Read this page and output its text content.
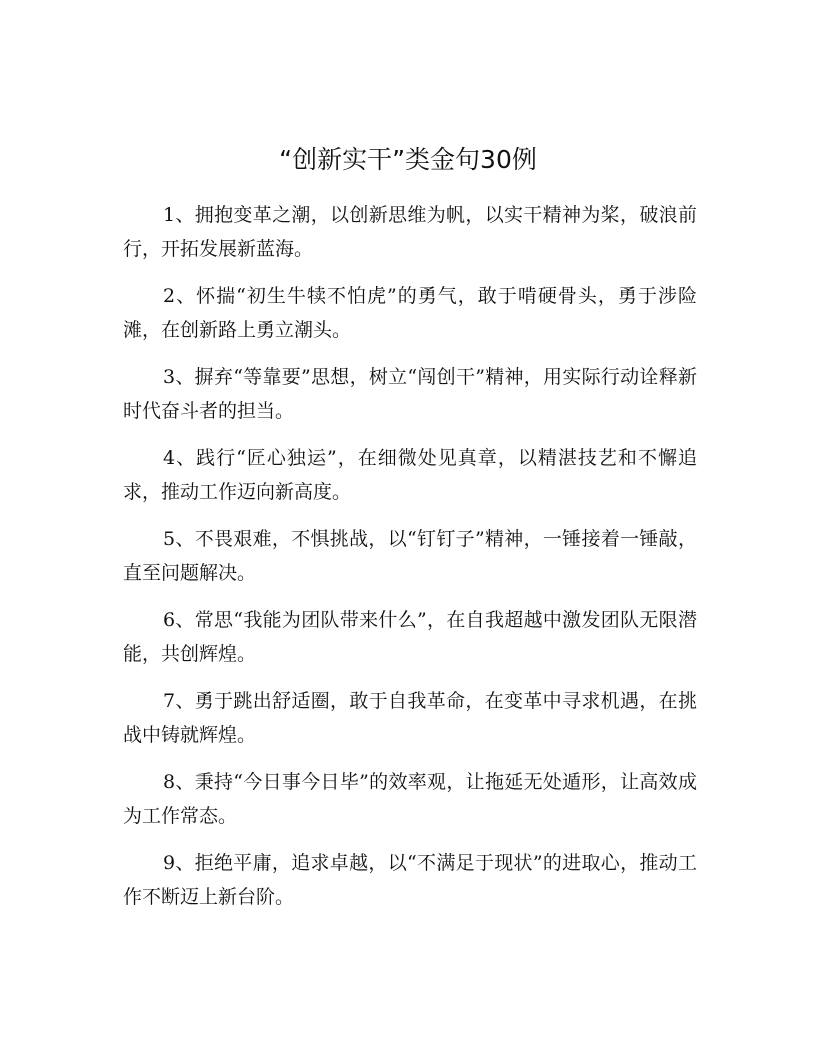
“创新实干”类金句30例

1、拥抱变革之潮，以创新思维为帆，以实干精神为桨，破浪前行，开拓发展新蓝海。

2、怀揣“初生牛犊不怕虎”的勇气，敢于啃硬骨头，勇于涉险滩，在创新路上勇立潮头。

3、摒弃“等靠要”思想，树立“闯创干”精神，用实际行动诠释新时代奋斗者的担当。

4、践行“匠心独运”，在细微处见真章，以精湛技艺和不懈追求，推动工作迈向新高度。

5、不畏艰难，不惧挑战，以“钉钉子”精神，一锤接着一锤敲，直至问题解决。

6、常思“我能为团队带来什么”，在自我超越中激发团队无限潜能，共创辉煌。

7、勇于跳出舒适圈，敢于自我革命，在变革中寻求机遇，在挑战中铸就辉煌。

8、秉持“今日事今日毕”的效率观，让拖延无处遁形，让高效成为工作常态。

9、拒绝平庸，追求卓越，以“不满足于现状”的进取心，推动工作不断迈上新台阶。
